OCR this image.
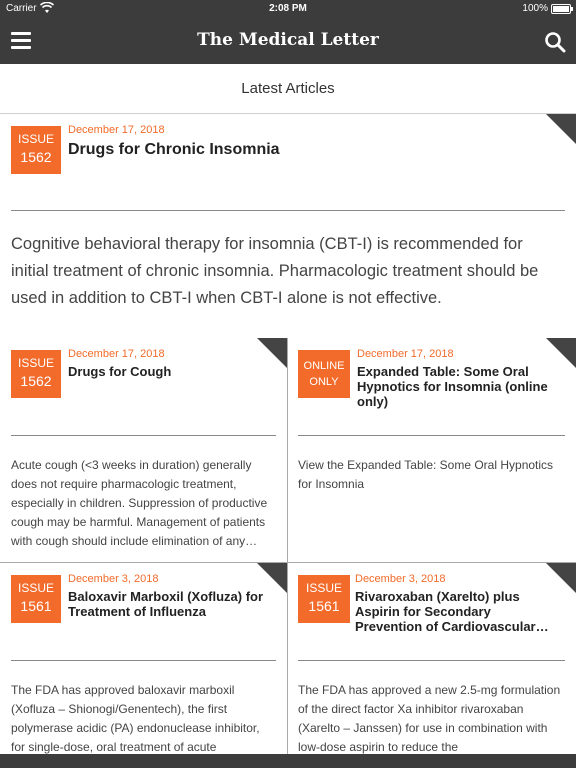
Carrier	2:08 PM	100%
The Medical Letter
Latest Articles
ISSUE
1562
December 17, 2018
Drugs for Chronic Insomnia
Cognitive behavioral therapy for insomnia (CBT-I) is recommended for initial treatment of chronic insomnia. Pharmacologic treatment should be used in addition to CBT-I when CBT-I alone is not effective.
ISSUE
1562
December 17, 2018
Drugs for Cough
Acute cough (<3 weeks in duration) generally does not require pharmacologic treatment, especially in children. Suppression of productive cough may be harmful. Management of patients with cough should include elimination of any…
ONLINE
ONLY
December 17, 2018
Expanded Table: Some Oral Hypnotics for Insomnia (online only)
View the Expanded Table: Some Oral Hypnotics for Insomnia
ISSUE
1561
December 3, 2018
Baloxavir Marboxil (Xofluza) for Treatment of Influenza
The FDA has approved baloxavir marboxil (Xofluza – Shionogi/Genentech), the first polymerase acidic (PA) endonuclease inhibitor, for single-dose, oral treatment of acute
ISSUE
1561
December 3, 2018
Rivaroxaban (Xarelto) plus Aspirin for Secondary Prevention of Cardiovascular…
The FDA has approved a new 2.5-mg formulation of the direct factor Xa inhibitor rivaroxaban (Xarelto – Janssen) for use in combination with low-dose aspirin to reduce the
